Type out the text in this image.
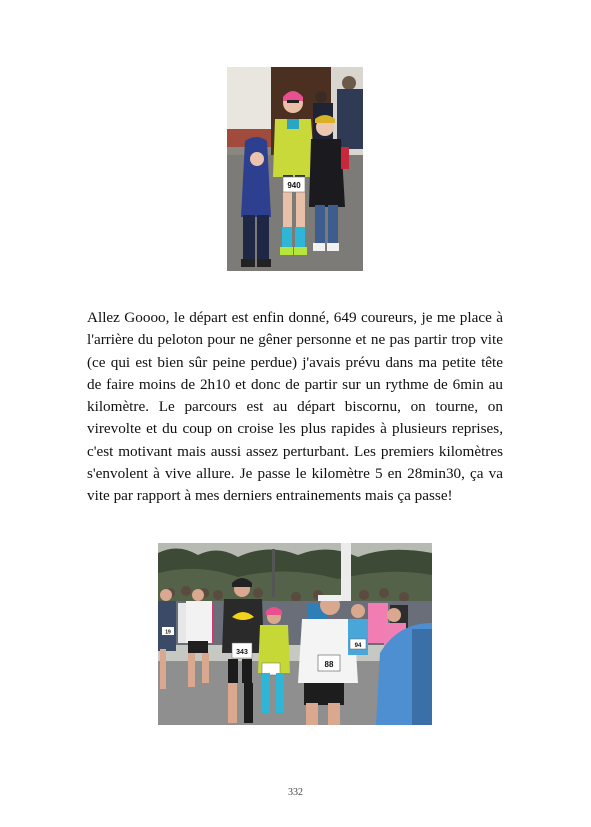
940

Allez Goooo, le départ est enfin donné, 649 coureurs, je me place à l'arrière du peloton pour ne gêner personne et ne pas partir trop vite (ce qui est bien sûr peine perdue) j'avais prévu dans ma petite tête de faire moins de 2h10 et donc de partir sur un rythme de 6min au kilomètre. Le parcours est au départ biscornu, on tourne, on virevolte et du coup on croise les plus rapides à plusieurs reprises, c'est motivant mais aussi assez perturbant. Les premiers kilomètres s'envolent à vive allure. Je passe le kilomètre 5 en 28min30, ça va vite par rapport à mes derniers entrainements mais ça passe!

343
88
94
19
332
